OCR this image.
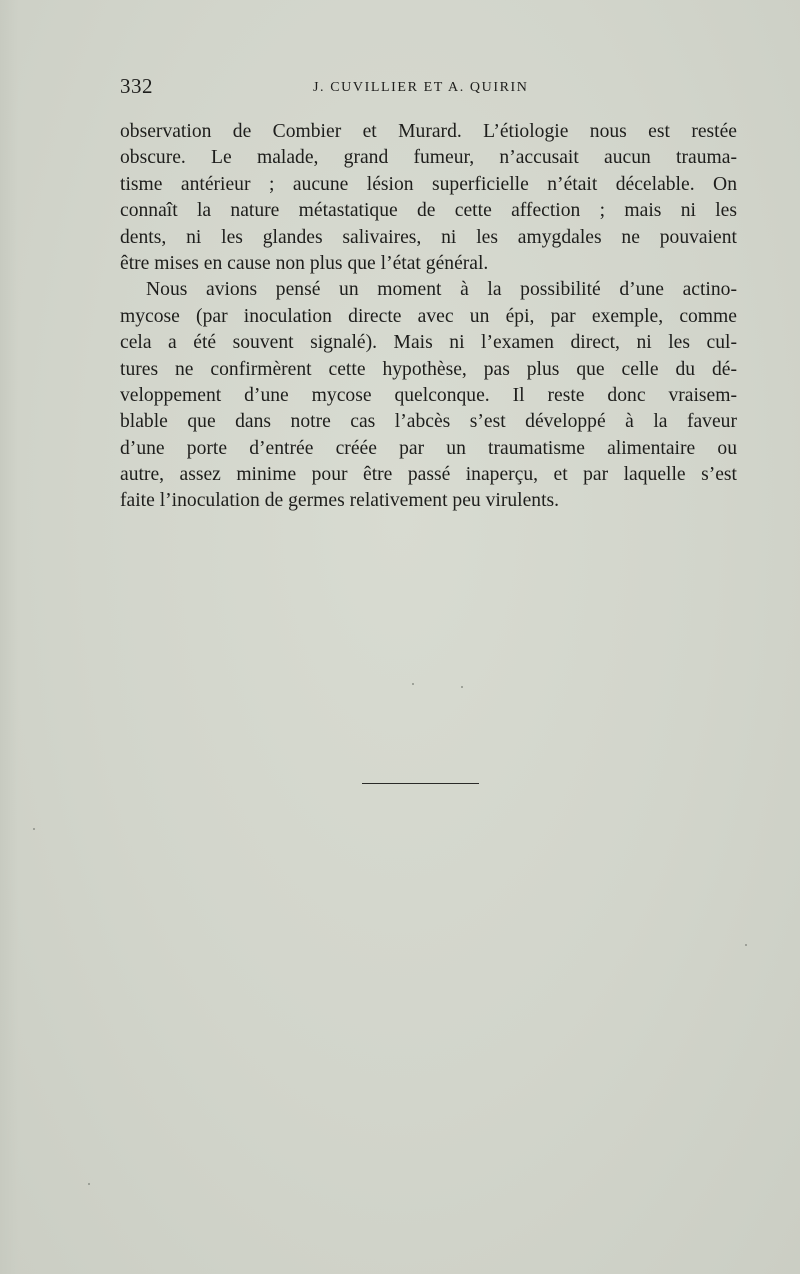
332	J. CUVILLIER ET A. QUIRIN
observation de Combier et Murard. L’étiologie nous est restée
obscure. Le malade, grand fumeur, n’accusait aucun trauma-
tisme antérieur ; aucune lésion superficielle n’était décelable. On
connaît la nature métastatique de cette affection ; mais ni les
dents, ni les glandes salivaires, ni les amygdales ne pouvaient
être mises en cause non plus que l’état général.
Nous avions pensé un moment à la possibilité d’une actino-
mycose (par inoculation directe avec un épi, par exemple, comme
cela a été souvent signalé). Mais ni l’examen direct, ni les cul-
tures ne confirmèrent cette hypothèse, pas plus que celle du dé-
veloppement d’une mycose quelconque. Il reste donc vraisem-
blable que dans notre cas l’abcès s’est développé à la faveur
d’une porte d’entrée créée par un traumatisme alimentaire ou
autre, assez minime pour être passé inaperçu, et par laquelle s’est
faite l’inoculation de germes relativement peu virulents.
